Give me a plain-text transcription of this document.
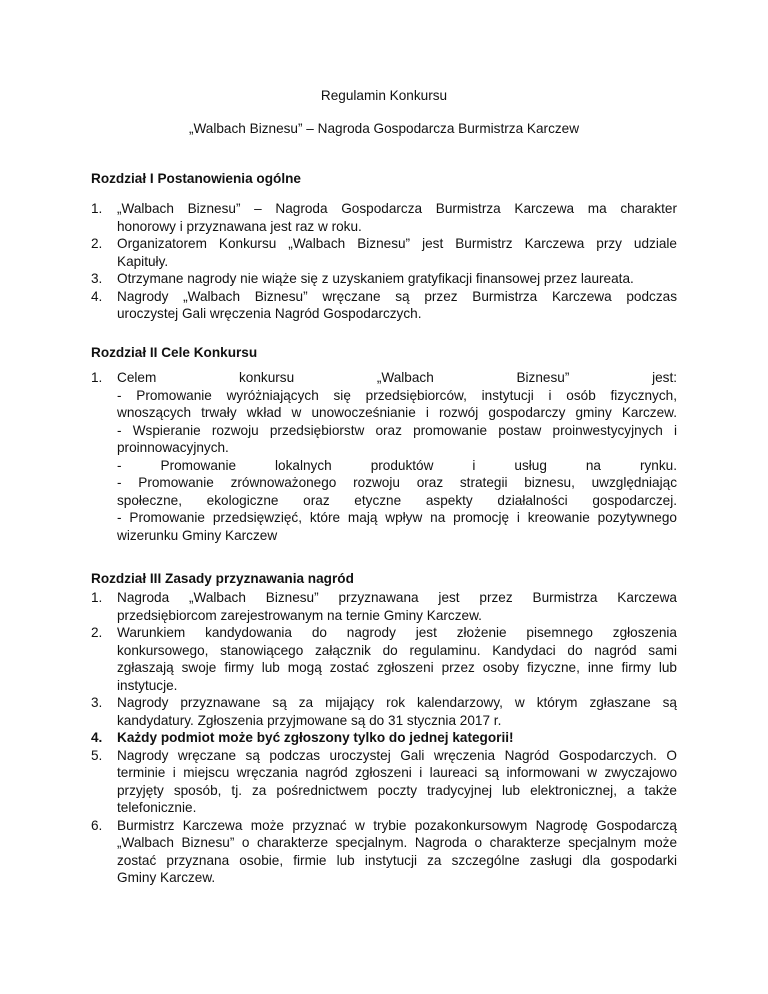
Regulamin Konkursu
„Walbach Biznesu” – Nagroda Gospodarcza Burmistrza Karczew
Rozdział I Postanowienia ogólne
1.	„Walbach Biznesu” – Nagroda Gospodarcza Burmistrza Karczewa ma charakter
honorowy i przyznawana jest raz w roku.
2.	Organizatorem Konkursu „Walbach Biznesu” jest Burmistrz Karczewa przy udziale
Kapituły.
3.	Otrzymane nagrody nie wiąże się z uzyskaniem gratyfikacji finansowej przez laureata.
4.	Nagrody „Walbach Biznesu” wręczane są przez Burmistrza Karczewa podczas
uroczystej Gali wręczenia Nagród Gospodarczych.
Rozdział II Cele Konkursu
1.	Celem konkursu „Walbach Biznesu” jest:
- Promowanie wyróżniających się przedsiębiorców, instytucji i osób fizycznych,
wnoszących trwały wkład w unowocześnianie i rozwój gospodarczy gminy Karczew.
- Wspieranie rozwoju przedsiębiorstw oraz promowanie postaw proinwestycyjnych i
proinnowacyjnych.
- Promowanie lokalnych produktów i usług na rynku.
- Promowanie zrównoważonego rozwoju oraz strategii biznesu, uwzględniając
społeczne, ekologiczne oraz etyczne aspekty działalności gospodarczej.
- Promowanie przedsięwzięć, które mają wpływ na promocję i kreowanie pozytywnego
wizerunku Gminy Karczew
Rozdział III Zasady przyznawania nagród
1.	Nagroda „Walbach Biznesu” przyznawana jest przez Burmistrza Karczewa
przedsiębiorcom zarejestrowanym na ternie Gminy Karczew.
2.	Warunkiem kandydowania do nagrody jest złożenie pisemnego zgłoszenia
konkursowego, stanowiącego załącznik do regulaminu. Kandydaci do nagród sami
zgłaszają swoje firmy lub mogą zostać zgłoszeni przez osoby fizyczne, inne firmy lub
instytucje.
3.	Nagrody przyznawane są za mijający rok kalendarzowy, w którym zgłaszane są
kandydatury. Zgłoszenia przyjmowane są do 31 stycznia 2017 r.
4.	Każdy podmiot może być zgłoszony tylko do jednej kategorii!
5.	Nagrody wręczane są podczas uroczystej Gali wręczenia Nagród Gospodarczych. O
terminie i miejscu wręczania nagród zgłoszeni i laureaci są informowani w zwyczajowo
przyjęty sposób, tj. za pośrednictwem poczty tradycyjnej lub elektronicznej, a także
telefonicznie.
6.	Burmistrz Karczewa może przyznać w trybie pozakonkursowym Nagrodę Gospodarczą
„Walbach Biznesu” o charakterze specjalnym. Nagroda o charakterze specjalnym może
zostać przyznana osobie, firmie lub instytucji za szczególne zasługi dla gospodarki
Gminy Karczew.
